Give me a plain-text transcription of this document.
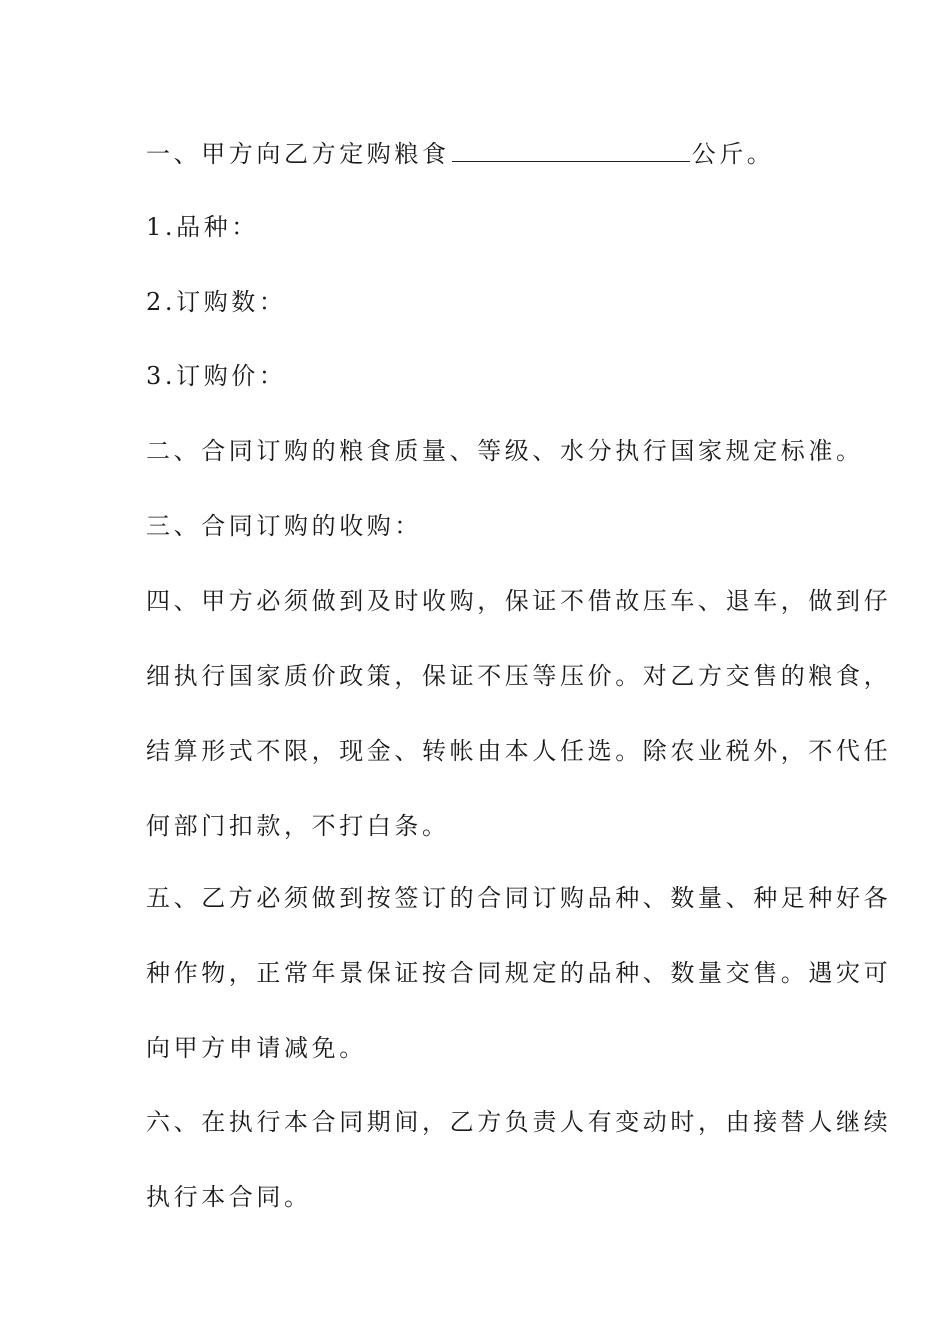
一、甲方向乙方定购粮食	公斤。
1.品种：
2.订购数：
3.订购价：
二、合同订购的粮食质量、等级、水分执行国家规定标准。
三、合同订购的收购：
四、甲方必须做到及时收购，保证不借故压车、退车，做到仔
细执行国家质价政策，保证不压等压价。对乙方交售的粮食，
结算形式不限，现金、转帐由本人任选。除农业税外，不代任
何部门扣款，不打白条。
五、乙方必须做到按签订的合同订购品种、数量、种足种好各
种作物，正常年景保证按合同规定的品种、数量交售。遇灾可
向甲方申请减免。
六、在执行本合同期间，乙方负责人有变动时，由接替人继续
执行本合同。
